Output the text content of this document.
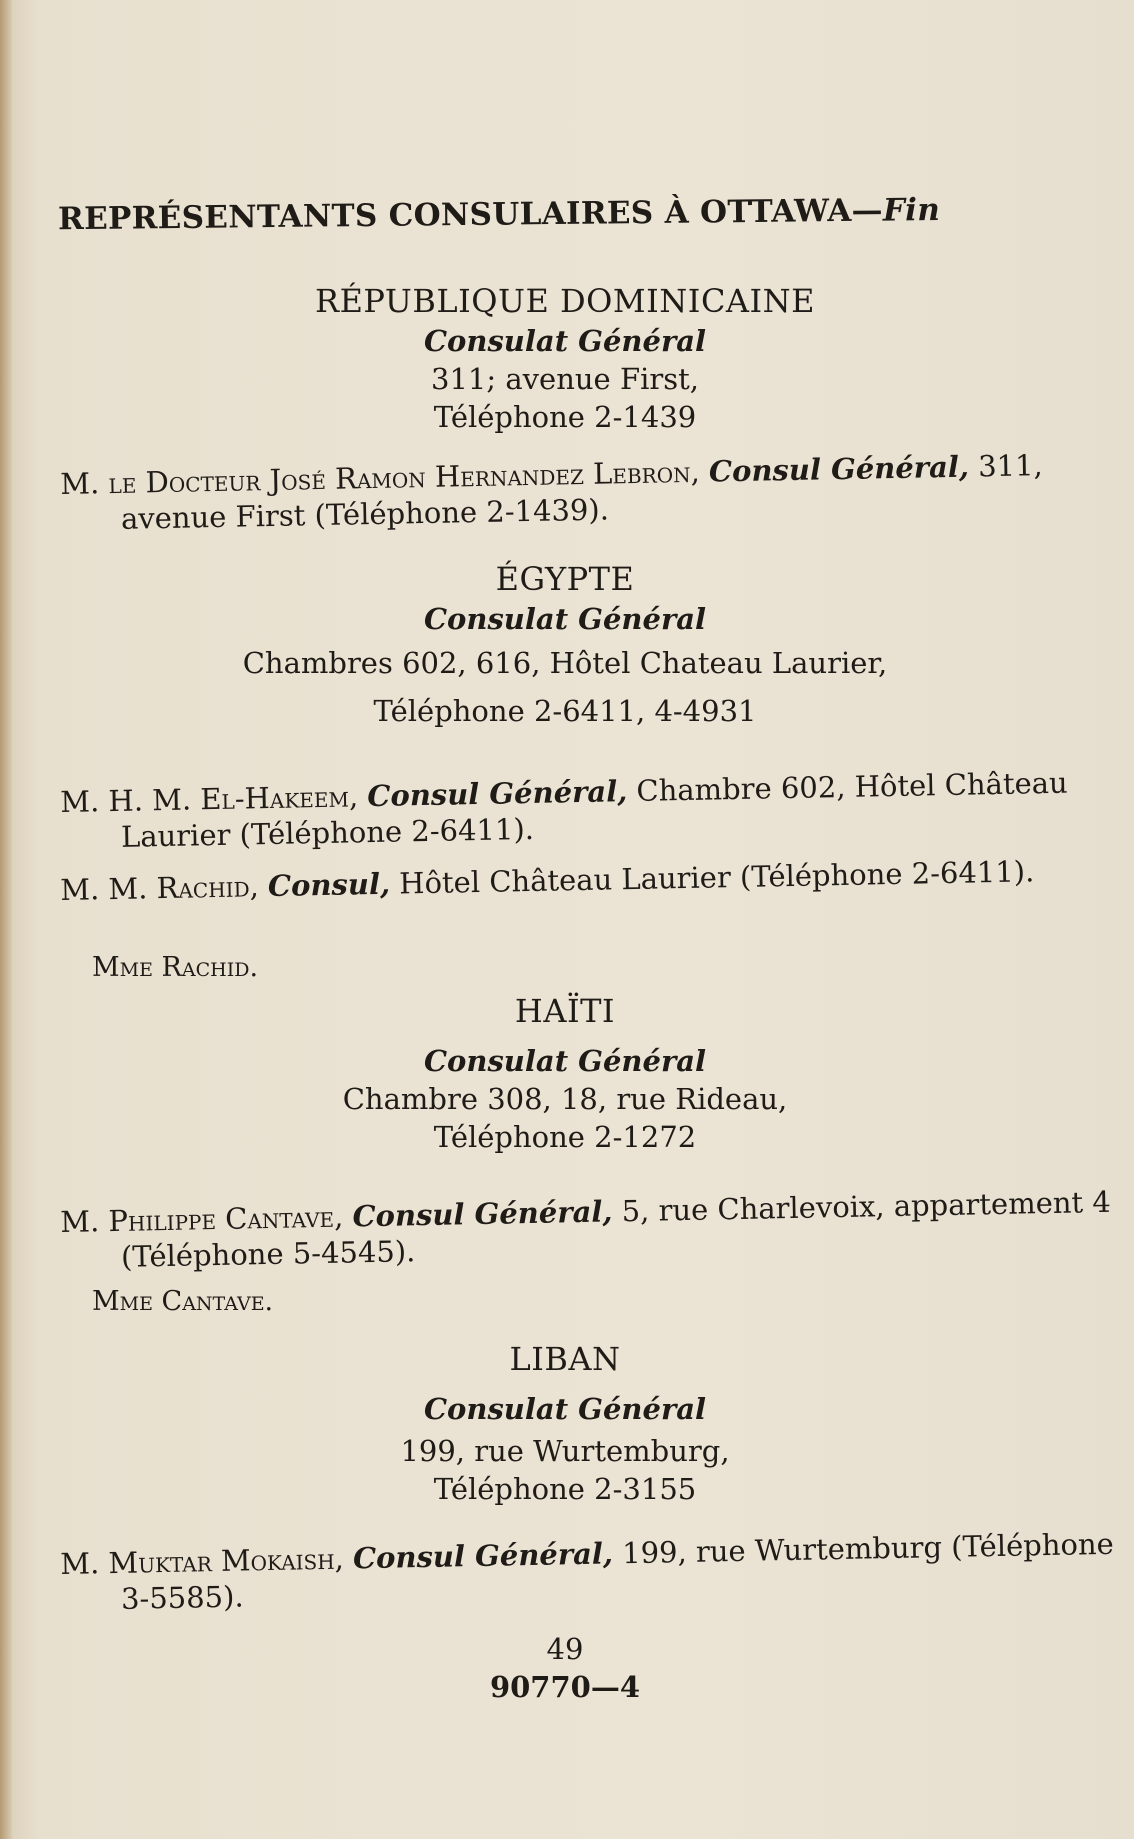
REPRÉSENTANTS CONSULAIRES À OTTAWA—Fin
RÉPUBLIQUE DOMINICAINE
Consulat Général
311; avenue First,
Téléphone 2-1439
M. le Docteur José Ramon Hernandez Lebron, Consul Général, 311, avenue First (Téléphone 2-1439).
ÉGYPTE
Consulat Général
Chambres 602, 616, Hôtel Chateau Laurier,
Téléphone 2-6411, 4-4931
M. H. M. El-Hakeem, Consul Général, Chambre 602, Hôtel Château Laurier (Téléphone 2-6411).
M. M. Rachid, Consul, Hôtel Château Laurier (Téléphone 2-6411).
Mme Rachid.
HAÏTI
Consulat Général
Chambre 308, 18, rue Rideau,
Téléphone 2-1272
M. Philippe Cantave, Consul Général, 5, rue Charlevoix, appartement 4 (Téléphone 5-4545).
Mme Cantave.
LIBAN
Consulat Général
199, rue Wurtemburg,
Téléphone 2-3155
M. Muktar Mokaish, Consul Général, 199, rue Wurtemburg (Téléphone 3-5585).
49
90770—4
